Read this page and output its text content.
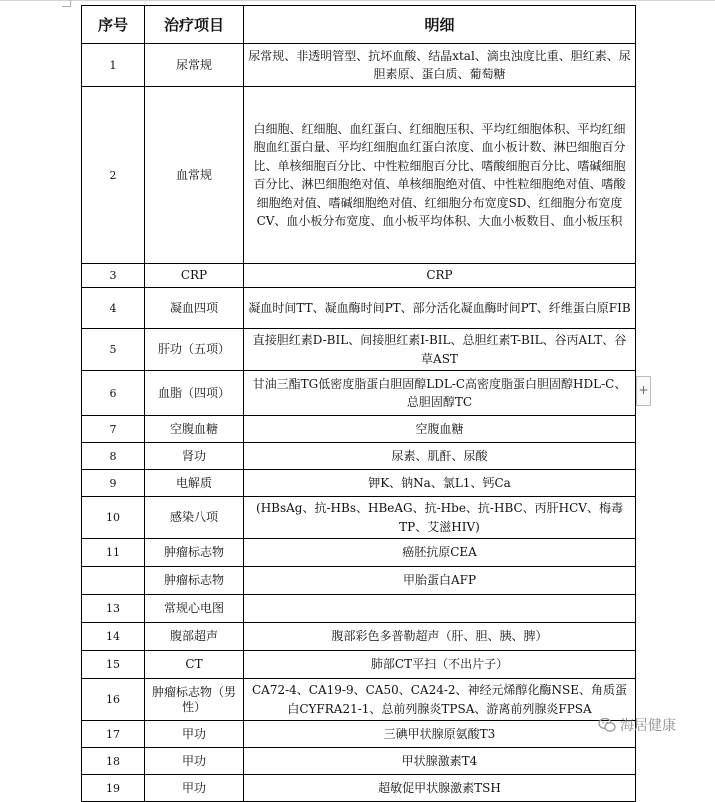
序号	治疗项目	明细
1	尿常规	尿常规、非透明管型、抗坏血酸、结晶xtal、滴虫浊度比重、胆红素、尿胆素原、蛋白质、葡萄糖
2	血常规	白细胞、红细胞、血红蛋白、红细胞压积、平均红细胞体积、平均红细胞血红蛋白量、平均红细胞血红蛋白浓度、血小板计数、淋巴细胞百分比、单核细胞百分比、中性粒细胞百分比、嗜酸细胞百分比、嗜碱细胞百分比、淋巴细胞绝对值、单核细胞绝对值、中性粒细胞绝对值、嗜酸细胞绝对值、嗜碱细胞绝对值、红细胞分布宽度SD、红细胞分布宽度CV、血小板分布宽度、血小板平均体积、大血小板数目、血小板压积
3	CRP	CRP
4	凝血四项	凝血时间TT、凝血酶时间PT、部分活化凝血酶时间PT、纤维蛋白原FIB
5	肝功（五项）	直接胆红素D-BIL、间接胆红素I-BIL、总胆红素T-BIL、谷丙ALT、谷草AST
6	血脂（四项）	甘油三酯TG低密度脂蛋白胆固醇LDL-C高密度脂蛋白胆固醇HDL-C、总胆固醇TC
7	空腹血糖	空腹血糖
8	肾功	尿素、肌酐、尿酸
9	电解质	钾K、钠Na、氯L1、钙Ca
10	感染八项	(HBsAg、抗-HBs、HBeAG、抗-Hbe、抗-HBC、丙肝HCV、梅毒TP、艾滋HIV)
11	肿瘤标志物	癌胚抗原CEA
	肿瘤标志物	甲胎蛋白AFP
13	常规心电图	
14	腹部超声	腹部彩色多普勒超声（肝、胆、胰、脾）
15	CT	肺部CT平扫（不出片子）
16	肿瘤标志物（男性）	CA72-4、CA19-9、CA50、CA24-2、神经元烯醇化酶NSE、角质蛋白CYFRA21-1、总前列腺炎TPSA、游离前列腺炎FPSA
17	甲功	三碘甲状腺原氨酸T3
18	甲功	甲状腺激素T4
19	甲功	超敏促甲状腺激素TSH
+
海居健康
